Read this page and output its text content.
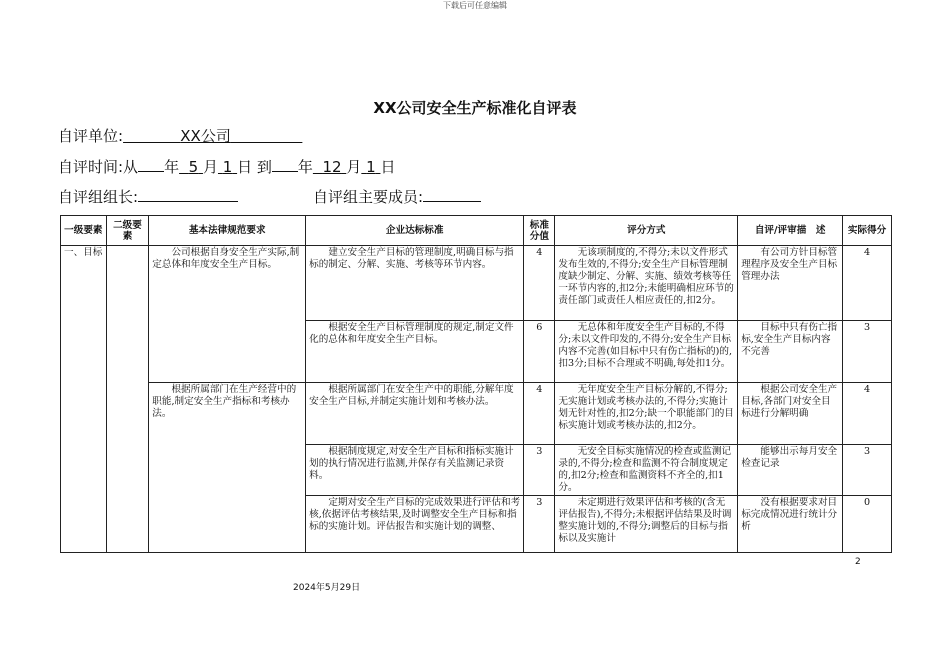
下载后可任意编辑
XX公司安全生产标准化自评表
自评单位:	XX公司
自评时间:从 年 5 月 1 日 到 年 12 月 1 日
自评组组长:	自评组主要成员:
一级要素	二级要素	基本法律规范要求	企业达标标准	标准分值	评分方式	自评/评审描　述	实际得分
一、目标		公司根据自身安全生产实际,制定总体和年度安全生产目标。	建立安全生产目标的管理制度,明确目标与指标的制定、分解、实施、考核等环节内容。	4	无该项制度的,不得分;未以文件形式发布生效的,不得分;安全生产目标管理制度缺少制定、分解、实施、绩效考核等任一环节内容的,扣2分;未能明确相应环节的责任部门或责任人相应责任的,扣2分。	有公司方针目标管理程序及安全生产目标管理办法	4
			根据安全生产目标管理制度的规定,制定文件化的总体和年度安全生产目标。	6	无总体和年度安全生产目标的,不得分;未以文件印发的,不得分;安全生产目标内容不完善(如目标中只有伤亡指标的)的,扣3分;目标不合理或不明确,每处扣1分。	目标中只有伤亡指标,安全生产目标内容不完善	3
		根据所属部门在生产经营中的职能,制定安全生产指标和考核办法。	根据所属部门在安全生产中的职能,分解年度安全生产目标,并制定实施计划和考核办法。	4	无年度安全生产目标分解的,不得分;无实施计划或考核办法的,不得分;实施计划无针对性的,扣2分;缺一个职能部门的目标实施计划或考核办法的,扣2分。	根据公司安全生产目标,各部门对安全目标进行分解明确	4
			根据制度规定,对安全生产目标和指标实施计划的执行情况进行监测,并保存有关监测记录资料。	3	无安全目标实施情况的检查或监测记录的,不得分;检查和监测不符合制度规定的,扣2分;检查和监测资料不齐全的,扣1分。	能够出示每月安全检查记录	3
			定期对安全生产目标的完成效果进行评估和考核,依据评估考核结果,及时调整安全生产目标和指标的实施计划。评估报告和实施计划的调整、	3	未定期进行效果评估和考核的(含无评估报告),不得分;未根据评估结果及时调整实施计划的,不得分;调整后的目标与指标以及实施计	没有根据要求对目标完成情况进行统计分析	0
2
2024年5月29日
